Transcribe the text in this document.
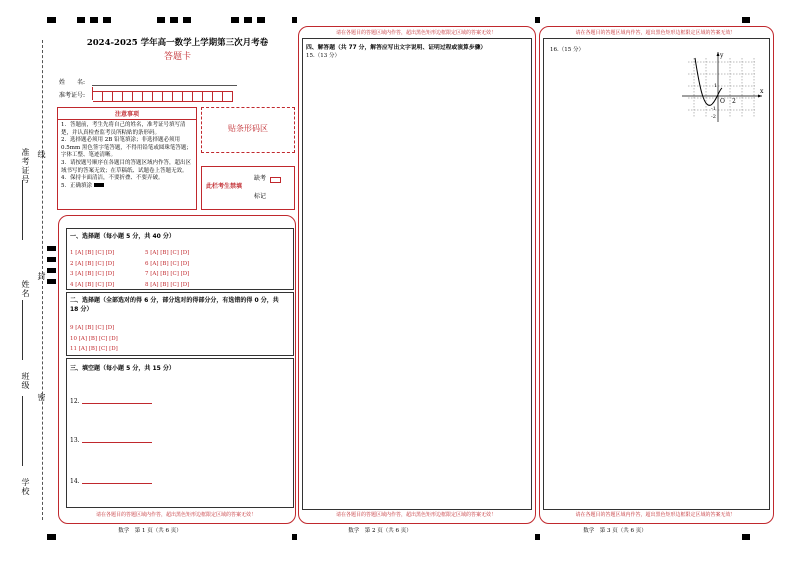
准考证号 线
姓名
封
班级
密
学校
2024-2025 学年高一数学上学期第三次月考卷
答题卡
姓　　名:
准考证号:
注意事项
1．答题前，考生先将自己的姓名，准考证号填写清楚，并认真检查监考员所粘贴的条形码。
2．选择题必须用 2B 铅笔填涂；非选择题必须用 0.5mm 黑色签字笔答题，不得用铅笔或圆珠笔答题；字体工整、笔迹清晰。
3．请按题号顺序在各题目的答题区域内作答，超出区域书写的答案无效；在草稿纸、试题卷上答题无效。
4．保持卡面清洁，不要折叠、不要弄破。
5．正确填涂
贴条形码区
此栏考生禁填
缺考
标记
一、选择题（每小题 5 分，共 40 分）
1 [A] [B] [C] [D]
2 [A] [B] [C] [D]
3 [A] [B] [C] [D]
4 [A] [B] [C] [D]
5 [A] [B] [C] [D]
6 [A] [B] [C] [D]
7 [A] [B] [C] [D]
8 [A] [B] [C] [D]
二、选择题（全部选对的得 6 分，部分选对的得部分分，有选错的得 0 分，共 18 分）
9 [A] [B] [C] [D]
10 [A] [B] [C] [D]
11 [A] [B] [C] [D]
三、填空题（每小题 5 分，共 15 分）
12.
13.
14.
请在各题目的答题区域内作答，超出黑色矩形边框限定区域的答案无效！
数学　第 1 页（共 6 页）
请在各题目的答题区域内作答，超出黑色矩形边框限定区域的答案无效！
四、解答题（共 77 分，解答应写出文字说明、证明过程或演算步骤）
15.（13 分）
请在各题目的答题区域内作答，超出黑色矩形边框限定区域的答案无效！
数学　第 2 页（共 6 页）
请在各题目的答题区域内作答，超出黑色矩形边框限定区域的答案无效！
16.（15 分）
x
y
O 2
1
-1
-2
请在各题目的答题区域内作答，超出黑色矩形边框限定区域的答案无效！
数学　第 3 页（共 6 页）
